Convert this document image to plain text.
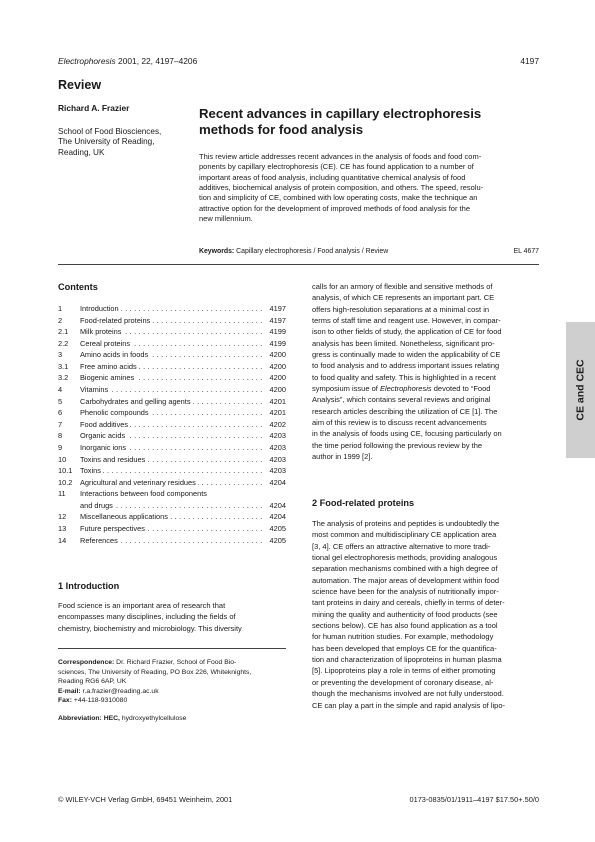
Electrophoresis 2001, 22, 4197–4206	4197
Review
Richard A. Frazier
School of Food Biosciences,
The University of Reading,
Reading, UK
Recent advances in capillary electrophoresis
methods for food analysis
This review article addresses recent advances in the analysis of foods and food com-
ponents by capillary electrophoresis (CE). CE has found application to a number of
important areas of food analysis, including quantitative chemical analysis of food
additives, biochemical analysis of protein composition, and others. The speed, resolu-
tion and simplicity of CE, combined with low operating costs, make the technique an
attractive option for the development of improved methods of food analysis for the
new millennium.
Keywords: Capillary electrophoresis / Food analysis / Review	EL 4677
Contents
1	Introduction . . .	4197
2	Food-related proteins . . .	4197
2.1	Milk proteins . . .	4199
2.2	Cereal proteins . . .	4199
3	Amino acids in foods . . .	4200
3.1	Free amino acids . . .	4200
3.2	Biogenic amines . . .	4200
4	Vitamins . . .	4200
5	Carbohydrates and gelling agents . . .	4201
6	Phenolic compounds . . .	4201
7	Food additives . . .	4202
8	Organic acids . . .	4203
9	Inorganic ions . . .	4203
10	Toxins and residues . . .	4203
10.1	Toxins . . .	4203
10.2	Agricultural and veterinary residues . . .	4204
11	Interactions between food components
and drugs . . .	4204
12	Miscellaneous applications . . .	4204
13	Future perspectives . . .	4205
14	References . . .	4205
1 Introduction
Food science is an important area of research that
encompasses many disciplines, including the fields of
chemistry, biochemistry and microbiology. This diversity
Correspondence: Dr. Richard Frazier, School of Food Bio-
sciences, The University of Reading, PO Box 226, Whiteknights,
Reading RG6 6AP, UK
E-mail: r.a.frazier@reading.ac.uk
Fax: +44-118-9310080
Abbreviation: HEC, hydroxyethylcellulose
calls for an armory of flexible and sensitive methods of
analysis, of which CE represents an important part. CE
offers high-resolution separations at a minimal cost in
terms of staff time and reagent use. However, in compar-
ison to other fields of study, the application of CE for food
analysis has been limited. Nonetheless, significant pro-
gress is continually made to widen the applicability of CE
to food analysis and to address important issues relating
to food quality and safety. This is highlighted in a recent
symposium issue of Electrophoresis devoted to “Food
Analysis”, which contains several reviews and original
research articles describing the utilization of CE [1]. The
aim of this review is to discuss recent advancements
in the analysis of foods using CE, focusing particularly on
the time period following the previous review by the
author in 1999 [2].
2 Food-related proteins
The analysis of proteins and peptides is undoubtedly the
most common and multidisciplinary CE application area
[3, 4]. CE offers an attractive alternative to more tradi-
tional gel electrophoresis methods, providing analogous
separation mechanisms combined with a high degree of
automation. The major areas of development within food
science have been for the analysis of nutritionally impor-
tant proteins in dairy and cereals, chiefly in terms of deter-
mining the quality and authenticity of food products (see
sections below). CE has also found application as a tool
for human nutrition studies. For example, methodology
has been developed that employs CE for the quantifica-
tion and characterization of lipoproteins in human plasma
[5]. Lipoproteins play a role in terms of either promoting
or preventing the development of coronary disease, al-
though the mechanisms involved are not fully understood.
CE can play a part in the simple and rapid analysis of lipo-
CE and CEC
© WILEY-VCH Verlag GmbH, 69451 Weinheim, 2001	0173-0835/01/1911–4197 $17.50+.50/0
